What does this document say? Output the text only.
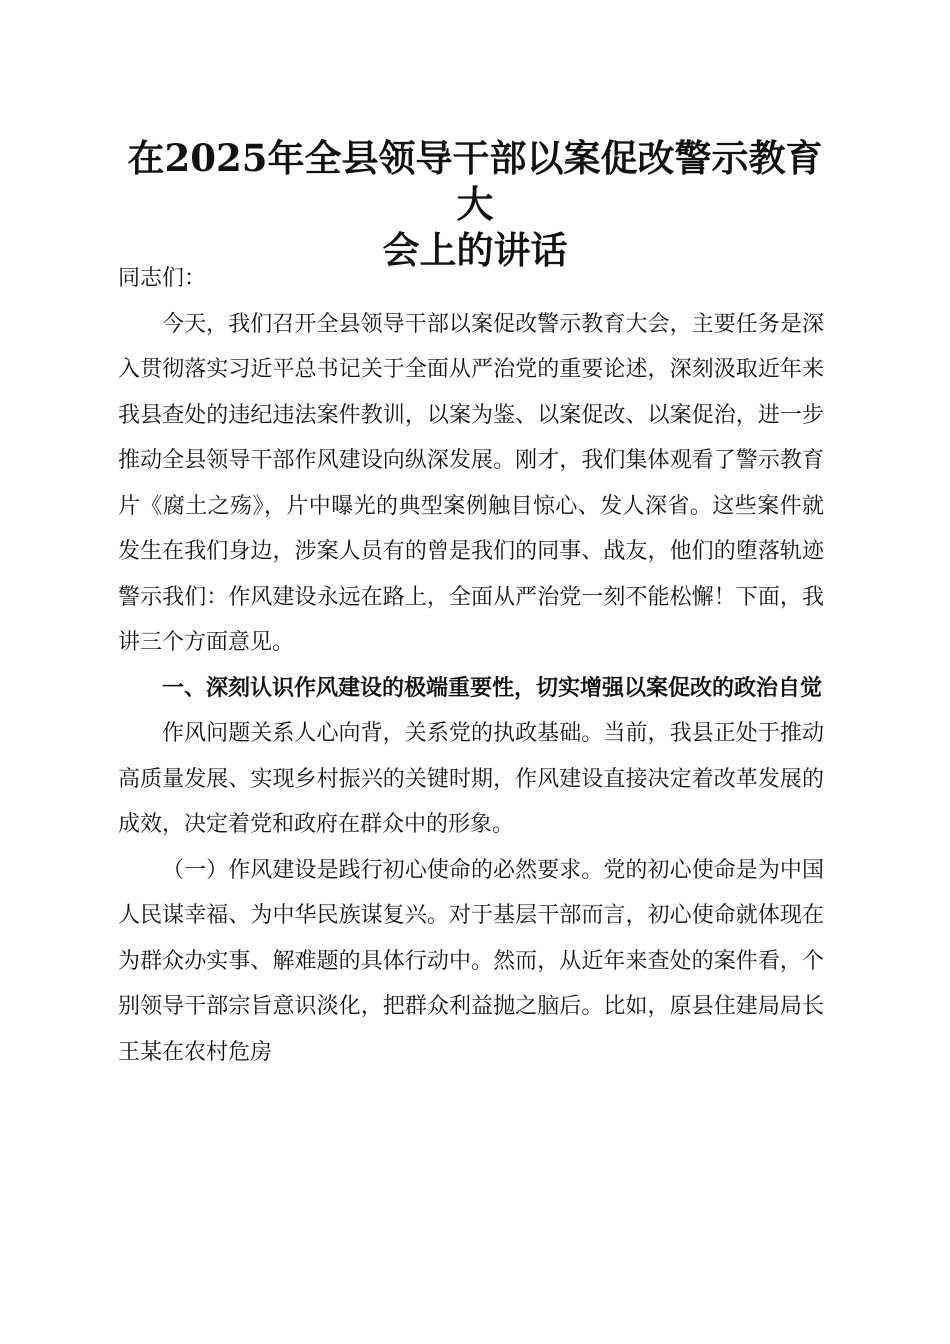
在2025年全县领导干部以案促改警示教育大
会上的讲话

同志们：

今天，我们召开全县领导干部以案促改警示教育大会，主要任务是深入贯彻落实习近平总书记关于全面从严治党的重要论述，深刻汲取近年来我县查处的违纪违法案件教训，以案为鉴、以案促改、以案促治，进一步推动全县领导干部作风建设向纵深发展。刚才，我们集体观看了警示教育片《腐土之殇》，片中曝光的典型案例触目惊心、发人深省。这些案件就发生在我们身边，涉案人员有的曾是我们的同事、战友，他们的堕落轨迹警示我们：作风建设永远在路上，全面从严治党一刻不能松懈！下面，我讲三个方面意见。

一、深刻认识作风建设的极端重要性，切实增强以案促改的政治自觉

作风问题关系人心向背，关系党的执政基础。当前，我县正处于推动高质量发展、实现乡村振兴的关键时期，作风建设直接决定着改革发展的成效，决定着党和政府在群众中的形象。

（一）作风建设是践行初心使命的必然要求。党的初心使命是为中国人民谋幸福、为中华民族谋复兴。对于基层干部而言，初心使命就体现在为群众办实事、解难题的具体行动中。然而，从近年来查处的案件看，个别领导干部宗旨意识淡化，把群众利益抛之脑后。比如，原县住建局局长王某在农村危房
